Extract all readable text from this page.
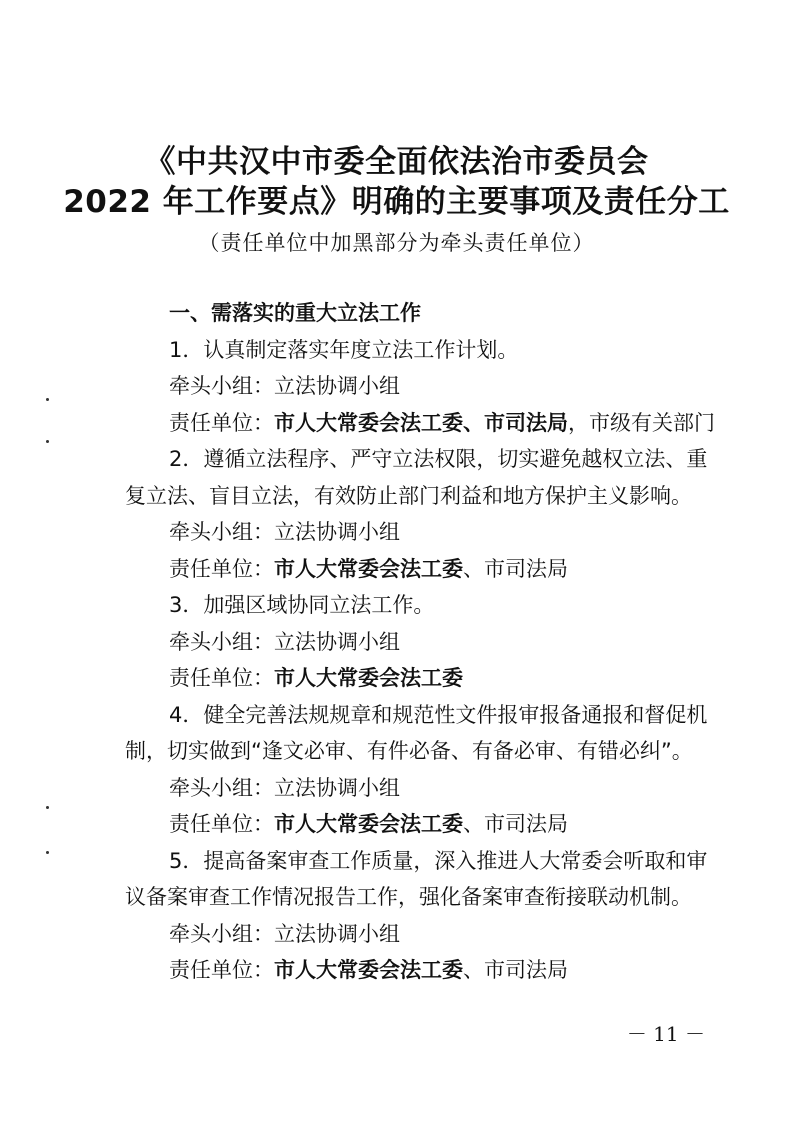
《中共汉中市委全面依法治市委员会
2022 年工作要点》明确的主要事项及责任分工
（责任单位中加黑部分为牵头责任单位）
一、需落实的重大立法工作
1．认真制定落实年度立法工作计划。
牵头小组：立法协调小组
责任单位：市人大常委会法工委、市司法局，市级有关部门
2．遵循立法程序、严守立法权限，切实避免越权立法、重
复立法、盲目立法，有效防止部门利益和地方保护主义影响。
牵头小组：立法协调小组
责任单位：市人大常委会法工委、市司法局
3．加强区域协同立法工作。
牵头小组：立法协调小组
责任单位：市人大常委会法工委
4．健全完善法规规章和规范性文件报审报备通报和督促机
制，切实做到“逢文必审、有件必备、有备必审、有错必纠”。
牵头小组：立法协调小组
责任单位：市人大常委会法工委、市司法局
5．提高备案审查工作质量，深入推进人大常委会听取和审
议备案审查工作情况报告工作，强化备案审查衔接联动机制。
牵头小组：立法协调小组
责任单位：市人大常委会法工委、市司法局
－ 11 －
